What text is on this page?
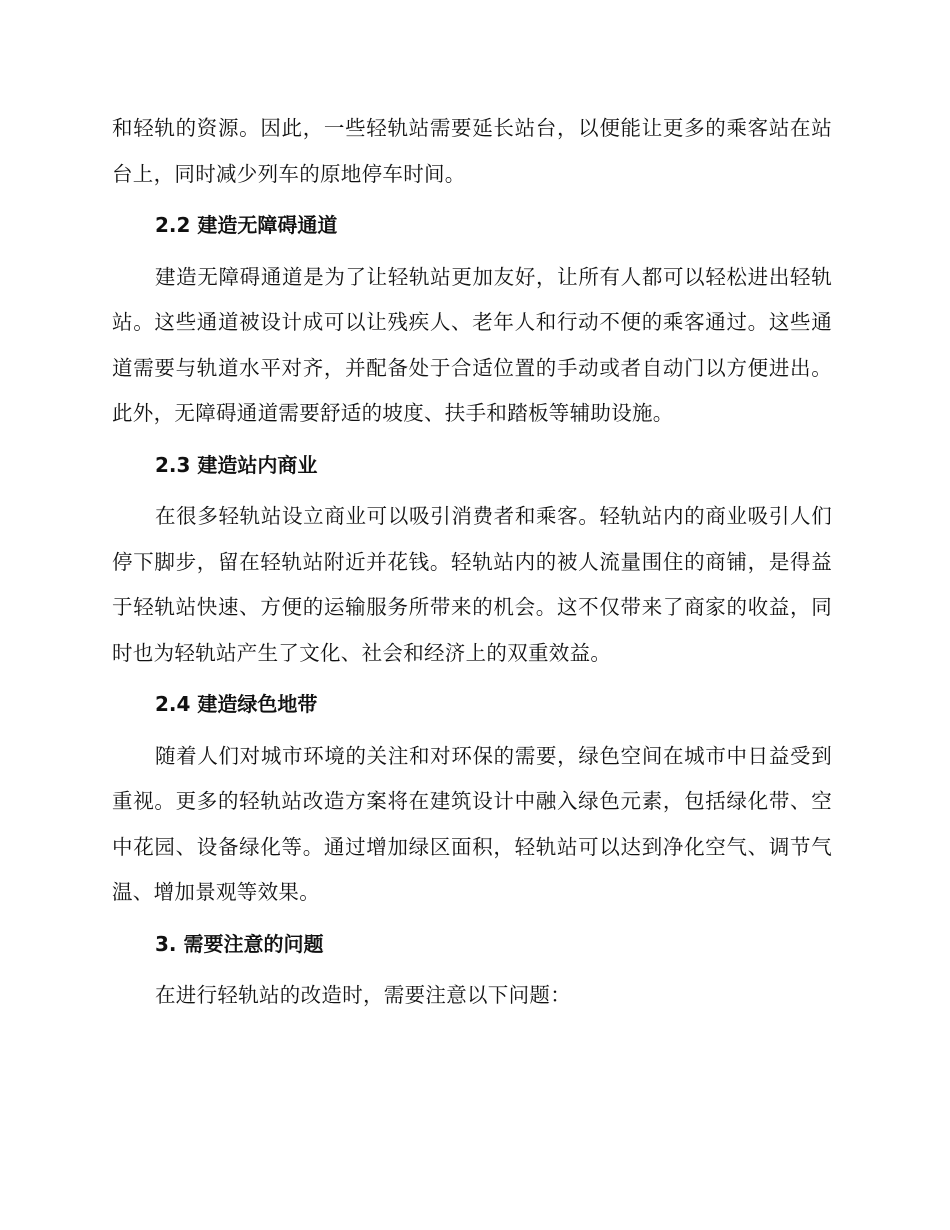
和轻轨的资源。因此，一些轻轨站需要延长站台，以便能让更多的乘客站在站台上，同时减少列车的原地停车时间。

2.2 建造无障碍通道

建造无障碍通道是为了让轻轨站更加友好，让所有人都可以轻松进出轻轨站。这些通道被设计成可以让残疾人、老年人和行动不便的乘客通过。这些通道需要与轨道水平对齐，并配备处于合适位置的手动或者自动门以方便进出。此外，无障碍通道需要舒适的坡度、扶手和踏板等辅助设施。

2.3 建造站内商业

在很多轻轨站设立商业可以吸引消费者和乘客。轻轨站内的商业吸引人们停下脚步，留在轻轨站附近并花钱。轻轨站内的被人流量围住的商铺，是得益于轻轨站快速、方便的运输服务所带来的机会。这不仅带来了商家的收益，同时也为轻轨站产生了文化、社会和经济上的双重效益。

2.4 建造绿色地带

随着人们对城市环境的关注和对环保的需要，绿色空间在城市中日益受到重视。更多的轻轨站改造方案将在建筑设计中融入绿色元素，包括绿化带、空中花园、设备绿化等。通过增加绿区面积，轻轨站可以达到净化空气、调节气温、增加景观等效果。

3. 需要注意的问题

在进行轻轨站的改造时，需要注意以下问题：
